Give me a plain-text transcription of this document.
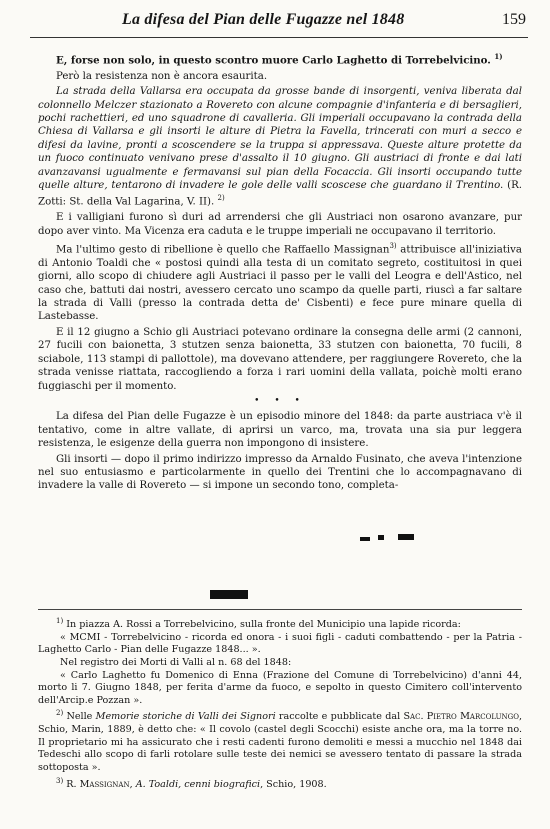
La difesa del Pian delle Fugazze nel 1848	159

E, forse non solo, in questo scontro muore Carlo Laghetto di Torrebelvicino. $^{1)}$

Però la resistenza non è ancora esaurita.

La strada della Vallarsa era occupata da grosse bande di insorgenti, veniva liberata dal colonnello Melczer stazionato a Rovereto con alcune compagnie d'infanteria e di bersaglieri, pochi rachettieri, ed uno squadrone di cavalleria. Gli imperiali occupavano la contrada della Chiesa di Vallarsa e gli insorti le alture di Pietra la Favella, trincerati con muri a secco e difesi da lavine, pronti a scoscendere se la truppa si appressava. Queste alture protette da un fuoco continuato venivano prese d'assalto il 10 giugno. Gli austriaci di fronte e dai lati avanzavansi ugualmente e fermavansi sul pian della Focaccia. Gli insorti occupando tutte quelle alture, tentarono di invadere le gole delle valli scoscese che guardano il Trentino. (R. Zotti: St. della Val Lagarina, V. II). $^{2)}$

E i valligiani furono sì duri ad arrendersi che gli Austriaci non osarono avanzare, pur dopo aver vinto. Ma Vicenza era caduta e le truppe imperiali ne occupavano il territorio.

Ma l'ultimo gesto di ribellione è quello che Raffaello Massignan$^{3)}$ attribuisce all'iniziativa di Antonio Toaldi che « postosi quindi alla testa di un comitato segreto, costituitosi in quei giorni, allo scopo di chiudere agli Austriaci il passo per le valli del Leogra e dell'Astico, nel caso che, battuti dai nostri, avessero cercato uno scampo da quelle parti, riuscì a far saltare la strada di Valli (presso la contrada detta de' Cisbenti) e fece pure minare quella di Lastebasse.

E il 12 giugno a Schio gli Austriaci potevano ordinare la consegna delle armi (2 cannoni, 27 fucili con baionetta, 3 stutzen senza baionetta, 33 stutzen con baionetta, 70 fucili, 8 sciabole, 113 stampi di pallottole), ma dovevano attendere, per raggiungere Rovereto, che la strada venisse riattata, raccogliendo a forza i rari uomini della vallata, poichè molti erano fuggiaschi per il momento.

• • •

La difesa del Pian delle Fugazze è un episodio minore del 1848: da parte austriaca v'è il tentativo, come in altre vallate, di aprirsi un varco, ma, trovata una sia pur leggera resistenza, le esigenze della guerra non impongono di insistere.

Gli insorti — dopo il primo indirizzo impresso da Arnaldo Fusinato, che aveva l'intenzione nel suo entusiasmo e particolarmente in quello dei Trentini che lo accompagnavano di invadere la valle di Rovereto — si impone un secondo tono, completa-

$^{1)}$ In piazza A. Rossi a Torrebelvicino, sulla fronte del Municipio una lapide ricorda:

« MCMI - Torrebelvicino - ricorda ed onora - i suoi figli - caduti combattendo - per la Patria - Laghetto Carlo - Pian delle Fugazze 1848... ».

Nel registro dei Morti di Valli al n. 68 del 1848:

« Carlo Laghetto fu Domenico di Enna (Frazione del Comune di Torrebelvicino) d'anni 44, morto li 7. Giugno 1848, per ferita d'arme da fuoco, e sepolto in questo Cimitero coll'intervento dell'Arcip.e Pozzan ».

$^{2)}$ Nelle Memorie storiche di Valli dei Signori raccolte e pubblicate dal Sac. Pietro Marcolungo, Schio, Marin, 1889, è detto che: « Il covolo (castel degli Scocchi) esiste anche ora, ma la torre no. Il proprietario mi ha assicurato che i resti cadenti furono demoliti e messi a mucchio nel 1848 dai Tedeschi allo scopo di farli rotolare sulle teste dei nemici se avessero tentato di passare la strada sottoposta ».

$^{3)}$ R. Massignan, A. Toaldi, cenni biografici, Schio, 1908.
